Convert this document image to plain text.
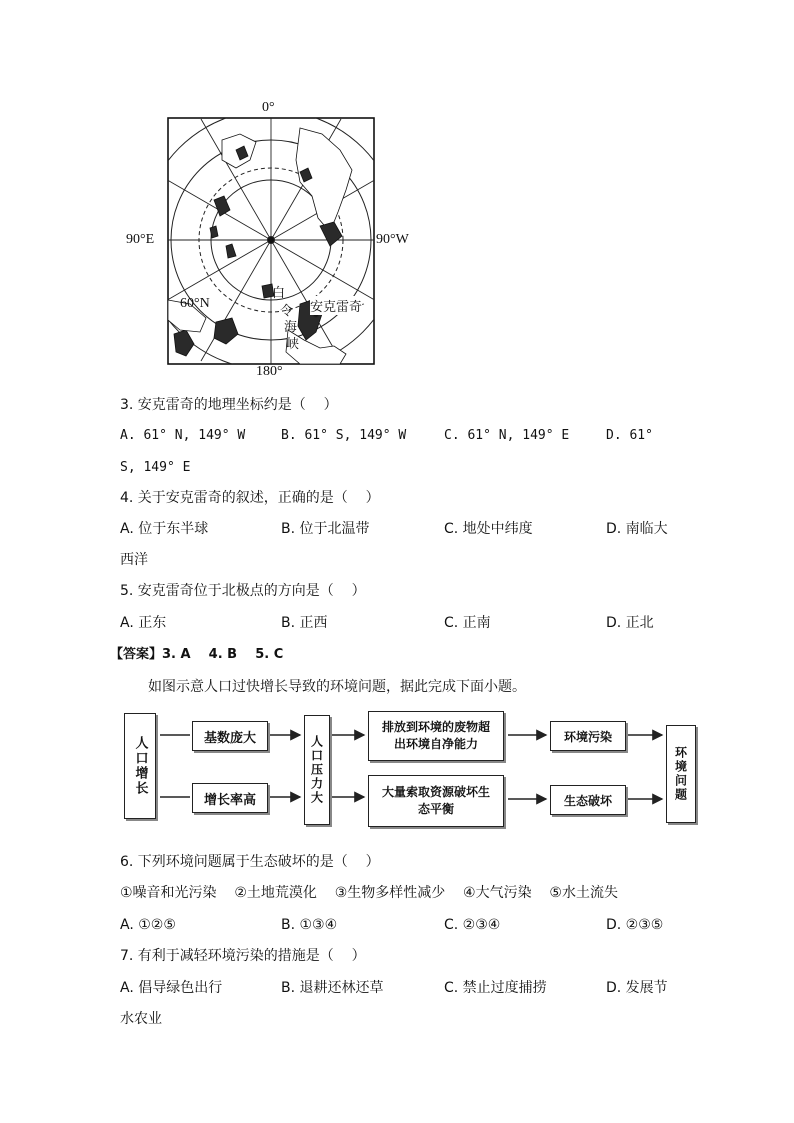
0°
90°E	90°W
180°
60°N	安克雷奇
白
令
海
峡
3. 安克雷奇的地理坐标约是（    ）
A. 61° N, 149° W	B. 61° S, 149° W	C. 61° N, 149° E	D. 61°
S, 149° E
4. 关于安克雷奇的叙述，正确的是（    ）
A. 位于东半球	B. 位于北温带	C. 地处中纬度	D. 南临大
西洋
5. 安克雷奇位于北极点的方向是（    ）
A. 正东	B. 正西	C. 正南	D. 正北
【答案】3. A    4. B    5. C
如图示意人口过快增长导致的环境问题，据此完成下面小题。
人口增长	基数庞大
增长率高	人口压力大
排放到环境的废物超出环境自净能力
大量索取资源破坏生态平衡
环境污染
生态破坏	环境问题
6. 下列环境问题属于生态破坏的是（    ）
①噪音和光污染    ②土地荒漠化    ③生物多样性减少    ④大气污染    ⑤水土流失
A. ①②⑤	B. ①③④	C. ②③④	D. ②③⑤
7. 有利于减轻环境污染的措施是（    ）
A. 倡导绿色出行	B. 退耕还林还草	C. 禁止过度捕捞	D. 发展节
水农业
